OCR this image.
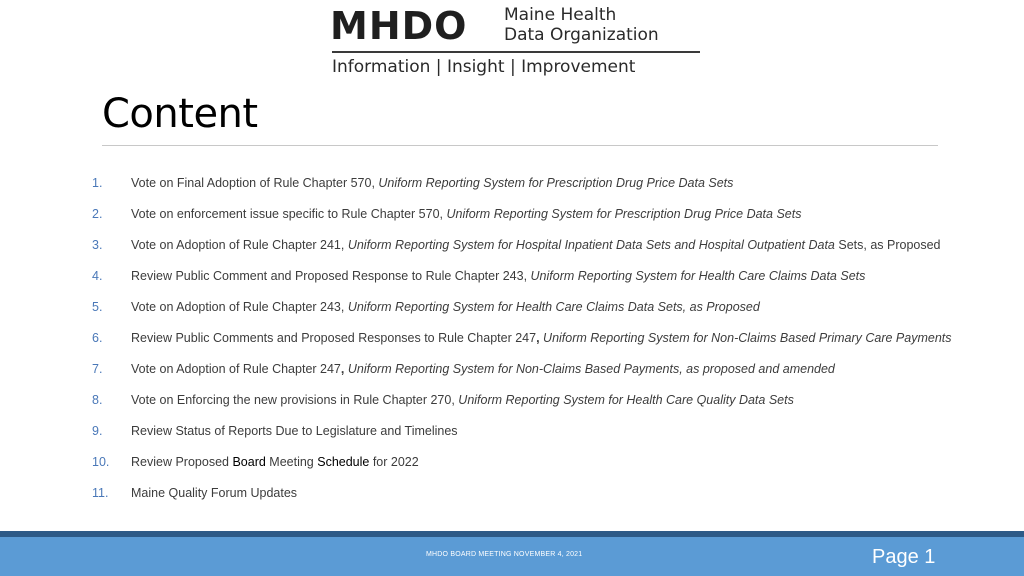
MHDO Maine Health
Data Organization
Information | Insight | Improvement
Content
1. Vote on Final Adoption of Rule Chapter 570, Uniform Reporting System for Prescription Drug Price Data Sets
2. Vote on enforcement issue specific to Rule Chapter 570, Uniform Reporting System for Prescription Drug Price Data Sets
3. Vote on Adoption of Rule Chapter 241, Uniform Reporting System for Hospital Inpatient Data Sets and Hospital Outpatient Data Sets, as Proposed
4. Review Public Comment and Proposed Response to Rule Chapter 243, Uniform Reporting System for Health Care Claims Data Sets
5. Vote on Adoption of Rule Chapter 243, Uniform Reporting System for Health Care Claims Data Sets, as Proposed
6. Review Public Comments and Proposed Responses to Rule Chapter 247, Uniform Reporting System for Non-Claims Based Primary Care Payments
7. Vote on Adoption of Rule Chapter 247, Uniform Reporting System for Non-Claims Based Payments, as proposed and amended
8. Vote on Enforcing the new provisions in Rule Chapter 270, Uniform Reporting System for Health Care Quality Data Sets
9. Review Status of Reports Due to Legislature and Timelines
10. Review Proposed Board Meeting Schedule for 2022
11. Maine Quality Forum Updates
MHDO BOARD MEETING NOVEMBER 4, 2021	Page 1
